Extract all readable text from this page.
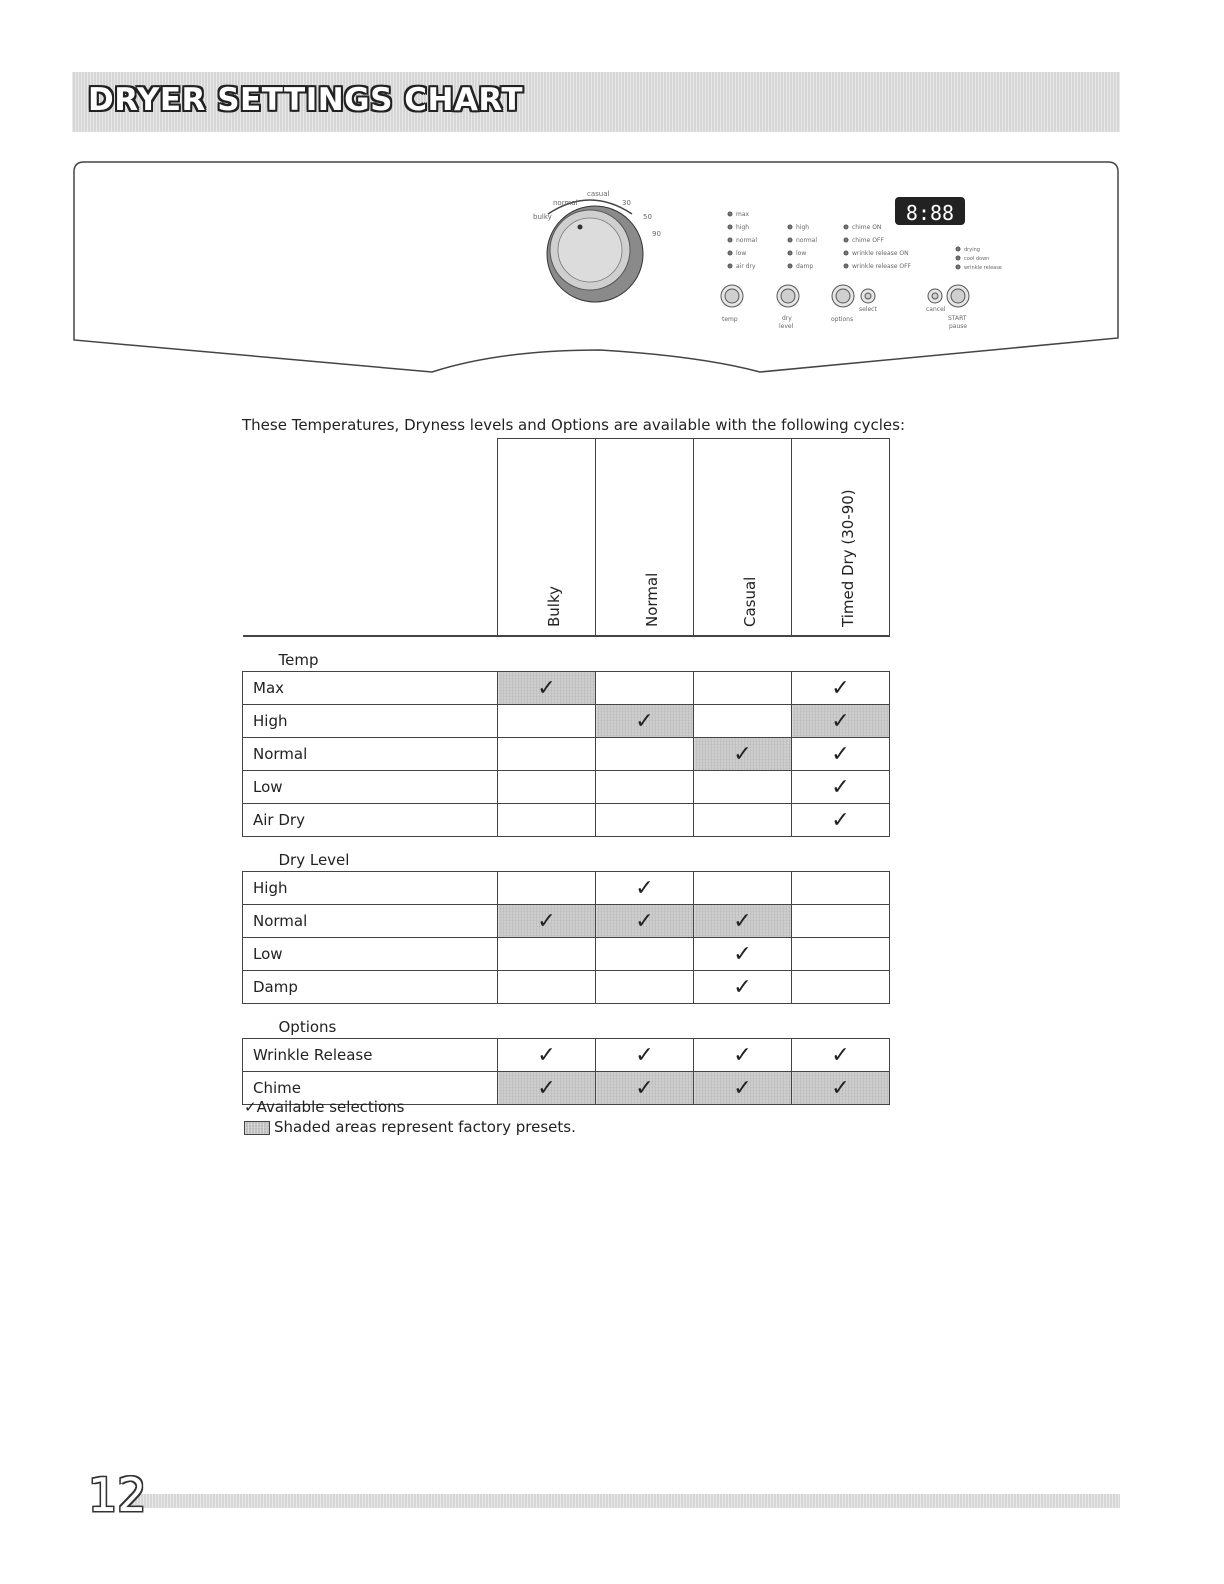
DRYER SETTINGS CHART
bulky
normal
casual
30
50
90
max
high
normal
low
air dry
high
normal
low
damp
chime ON
chime OFF
wrinkle release ON
wrinkle release OFF
drying
cool down
wrinkle release
8:88
temp	dry
level
options
select	cancel
START
pause

These Temperatures, Dryness levels and Options are available with the following cycles:

	Bulky	Normal	Casual	Timed Dry (30-90)

Temp				
Max	✓			✓
High		✓		✓
Normal			✓	✓
Low				✓
Air Dry				✓
Dry Level				
High		✓		
Normal	✓	✓	✓	
Low			✓	
Damp			✓	
Options				
Wrinkle Release	✓	✓	✓	✓
Chime	✓	✓	✓	✓
✓Available selections
Shaded areas represent factory presets.
12
